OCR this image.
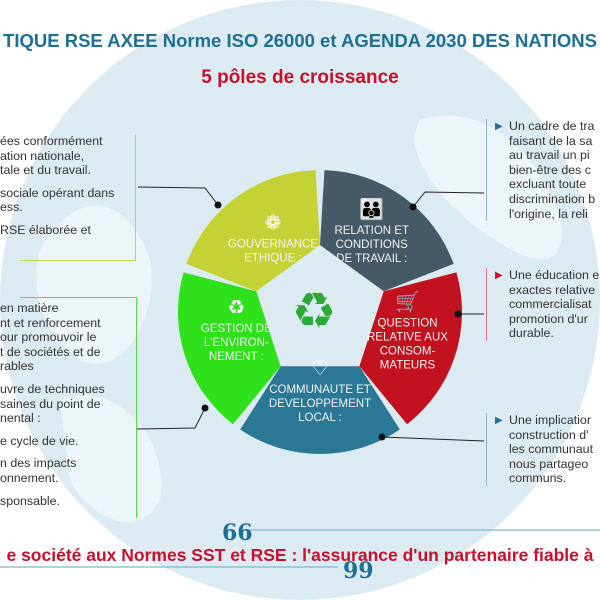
TIQUE RSE AXEE Norme ISO 26000 et AGENDA 2030 DES NATIONS
5 pôles de croissance

ées conformément
ation nationale,
tale et du travail.

sociale opérant dans
ess.

RSE élaborée et

en matière
nt et renforcement
our promouvoir le
t de sociétés et de
rables

uvre de techniques
saines du point de
nental :

e cycle de vie.

n des impacts
onnement.

sponsable.

▶ Un cadre de tra
faisant de la sa
au travail un pi
bien-être des c
excluant toute
discrimination b
l'origine, la reli
▶ Une éducation e
exactes relative
commercialisat
promotion d'ur
durable.
▶ Une implicatior
construction d'
les communaut
nous partageo
communs.
❁
GOUVERNANCE
ETHIQUE :
👪
RELATION ET
CONDITIONS
DE TRAVAIL :
🛒
QUESTION
RELATIVE AUX
CONSOM-
MATEURS
♡
COMMUNAUTE ET
DEVELOPPEMENT
LOCAL :
♻
GESTION DE
L'ENVIRON-
NEMENT :
♻
66
e société aux Normes SST et RSE : l'assurance d'un partenaire fiable à
99
